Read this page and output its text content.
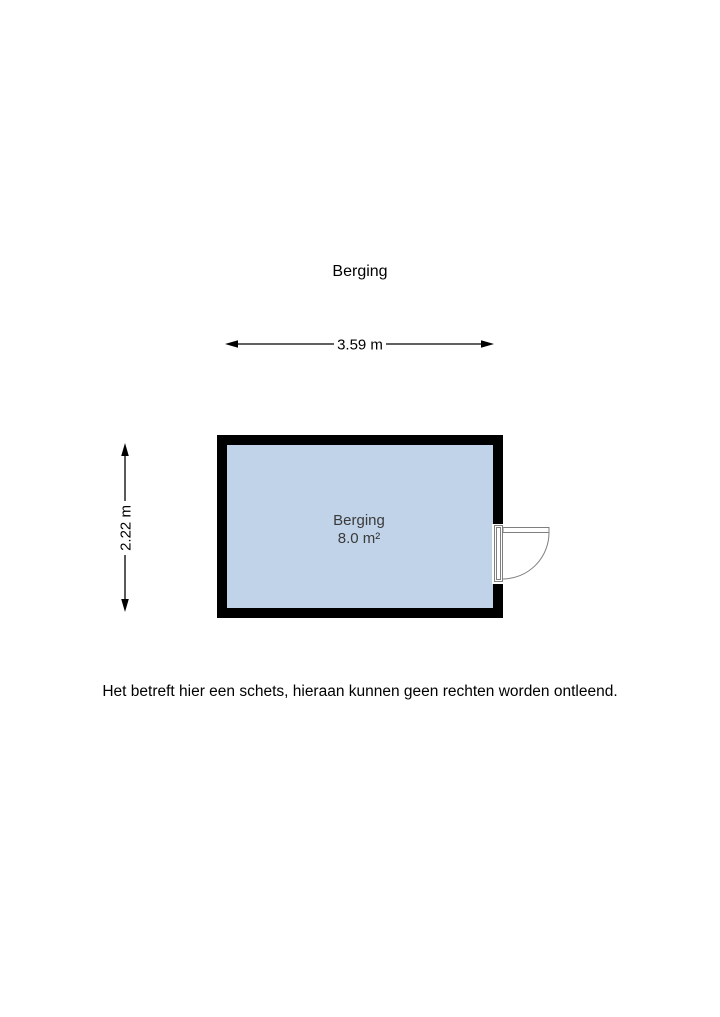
Berging
3.59 m
2.22 m	Berging
8.0 m²
Het betreft hier een schets, hieraan kunnen geen rechten worden ontleend.
